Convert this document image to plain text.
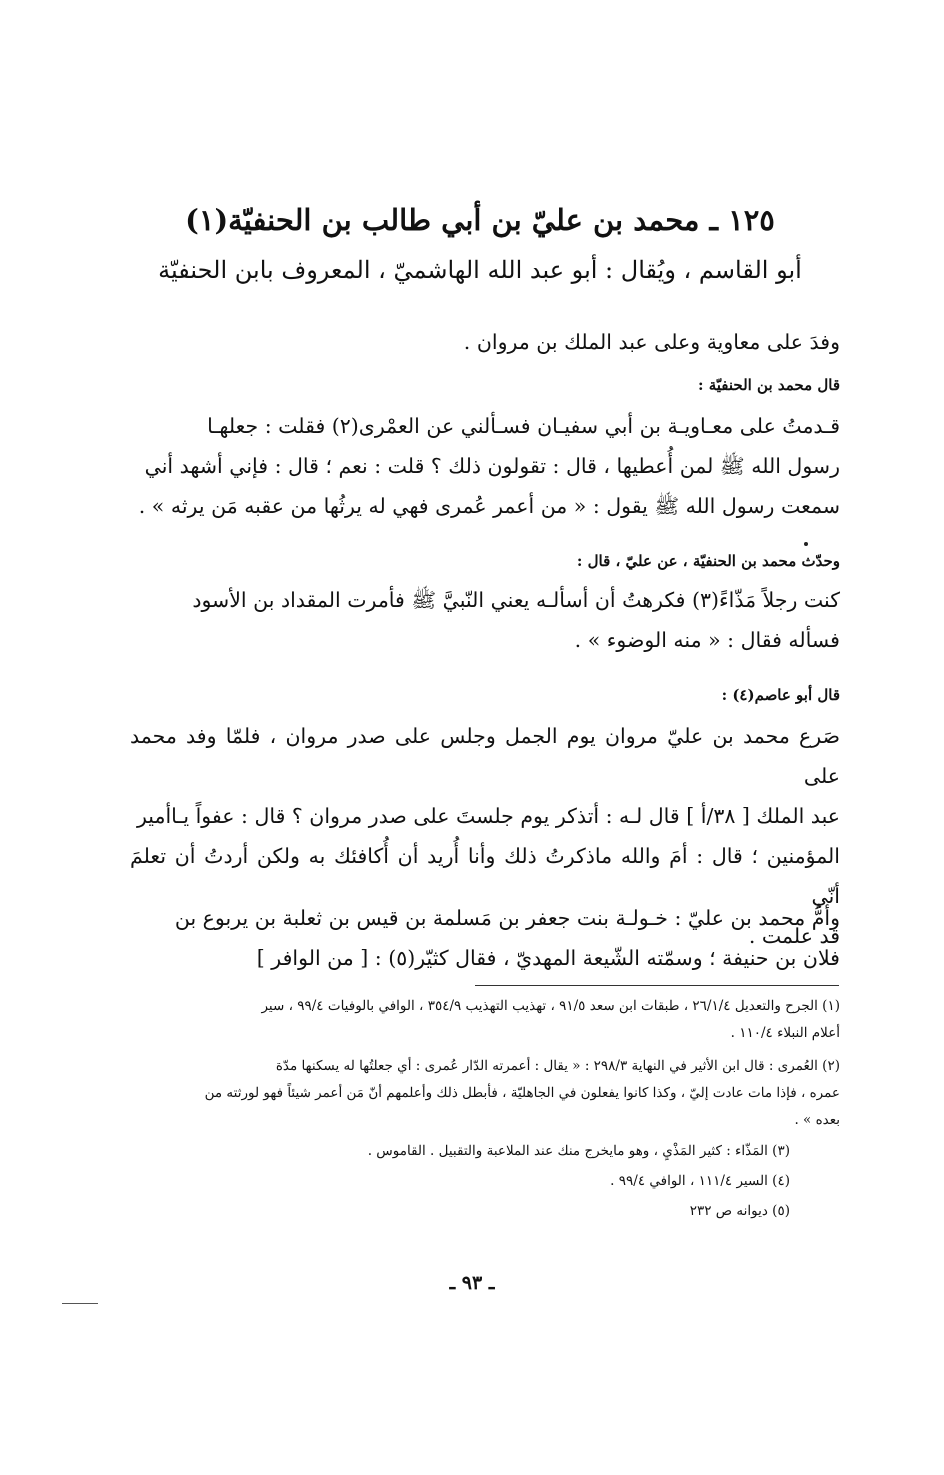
١٢٥ ـ محمد بن عليّ بن أبي طالب بن الحنفيّة(١)
أبو القاسم ، ويُقال : أبو عبد الله الهاشميّ ، المعروف بابن الحنفيّة
وفدَ على معاوية وعلى عبد الملك بن مروان .
قال محمد بن الحنفيّة :
قـدمتُ على معـاويـة بن أبي سفيـان فسـألني عن العمْرى(٢) فقلت : جعلهـا
رسول الله ﷺ لمن أُعطيها ، قال : تقولون ذلك ؟ قلت : نعم ؛ قال : فإني أشهد أني
سمعت رسول الله ﷺ يقول : « من أعمر عُمرى فهي له يرثُها من عقبه مَن يرثه » .
وحدّث محمد بن الحنفيّة ، عن عليّ ، قال :
كنت رجلاً مَذّاءً(٣) فكرهتُ أن أسألـه يعني النّبيَّ ﷺ فأمرت المقداد بن الأسود
فسأله فقال : « منه الوضوء » .
قال أبو عاصم(٤) :
صَرع محمد بن عليّ مروان يوم الجمل وجلس على صدر مروان ، فلمّا وفد محمد على
عبد الملك [ ٣٨/أ ] قال لـه : أتذكر يوم جلستَ على صدر مروان ؟ قال : عفواً يـاأمير
المؤمنين ؛ قال : أمَ والله ماذكرتُ ذلك وأنا أُريد أن أُكافئك به ولكن أردتُ أن تعلمَ أنّي
قد علمت .
وأمُّ محمد بن عليّ : خـولـة بنت جعفر بن مَسلمة بن قيس بن ثعلبة بن يربوع بن
فلان بن حنيفة ؛ وسمّته الشّيعة المهديّ ، فقال كثيّر(٥) : [ من الوافر ]
(١) الجرح والتعديل ٢٦/١/٤ ، طبقات ابن سعد ٩١/٥ ، تهذيب التهذيب ٣٥٤/٩ ، الوافي بالوفيات ٩٩/٤ ، سير
أعلام النبلاء ١١٠/٤ .
(٢) العُمرى : قال ابن الأثير في النهاية ٢٩٨/٣ : « يقال : أعمرته الدّار عُمرى : أي جعلتُها له يسكنها مدّة
عمره ، فإذا مات عادت إليّ ، وكذا كانوا يفعلون في الجاهليّة ، فأبطل ذلك وأعلمهم أنّ مَن أعمر شيئاً فهو لورثته من
بعده » .
(٣) المَذّاء : كثير المَذْيِ ، وهو مايخرج منك عند الملاعبة والتقبيل . القاموس .
(٤) السير ١١١/٤ ، الوافي ٩٩/٤ .
(٥) ديوانه ص ٢٣٢
ـ ٩٣ ـ
